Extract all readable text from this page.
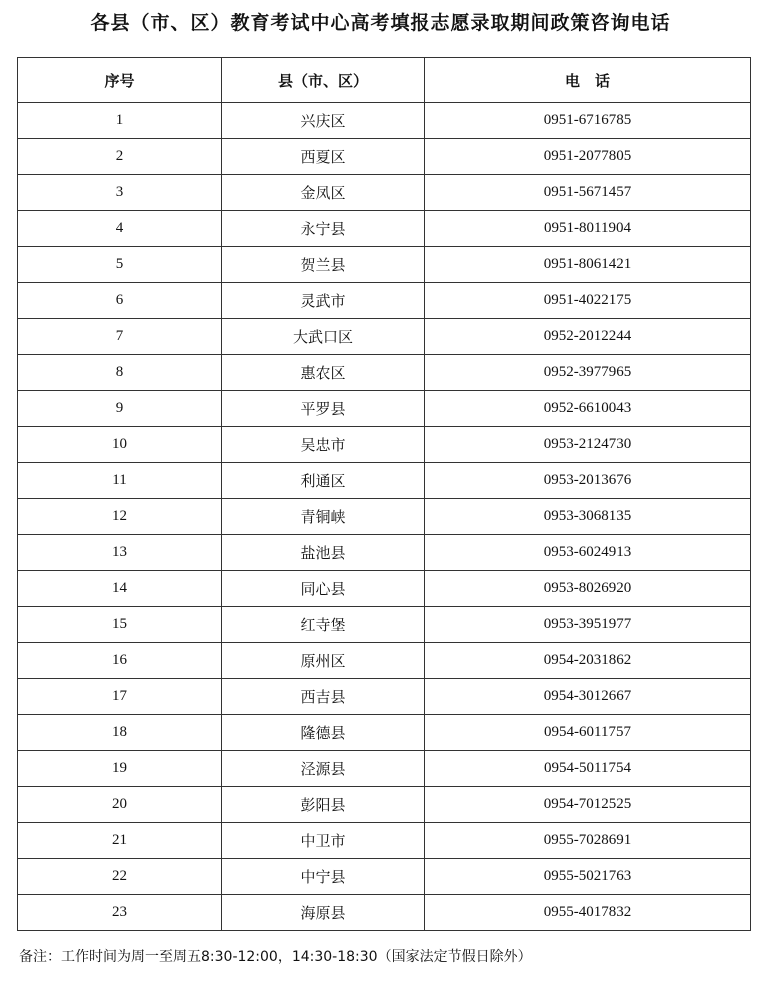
各县（市、区）教育考试中心高考填报志愿录取期间政策咨询电话
序号	县（市、区）	电　话
1	兴庆区	0951-6716785
2	西夏区	0951-2077805
3	金凤区	0951-5671457
4	永宁县	0951-8011904
5	贺兰县	0951-8061421
6	灵武市	0951-4022175
7	大武口区	0952-2012244
8	惠农区	0952-3977965
9	平罗县	0952-6610043
10	吴忠市	0953-2124730
11	利通区	0953-2013676
12	青铜峡	0953-3068135
13	盐池县	0953-6024913
14	同心县	0953-8026920
15	红寺堡	0953-3951977
16	原州区	0954-2031862
17	西吉县	0954-3012667
18	隆德县	0954-6011757
19	泾源县	0954-5011754
20	彭阳县	0954-7012525
21	中卫市	0955-7028691
22	中宁县	0955-5021763
23	海原县	0955-4017832
备注：工作时间为周一至周五8:30-12:00，14:30-18:30（国家法定节假日除外）
